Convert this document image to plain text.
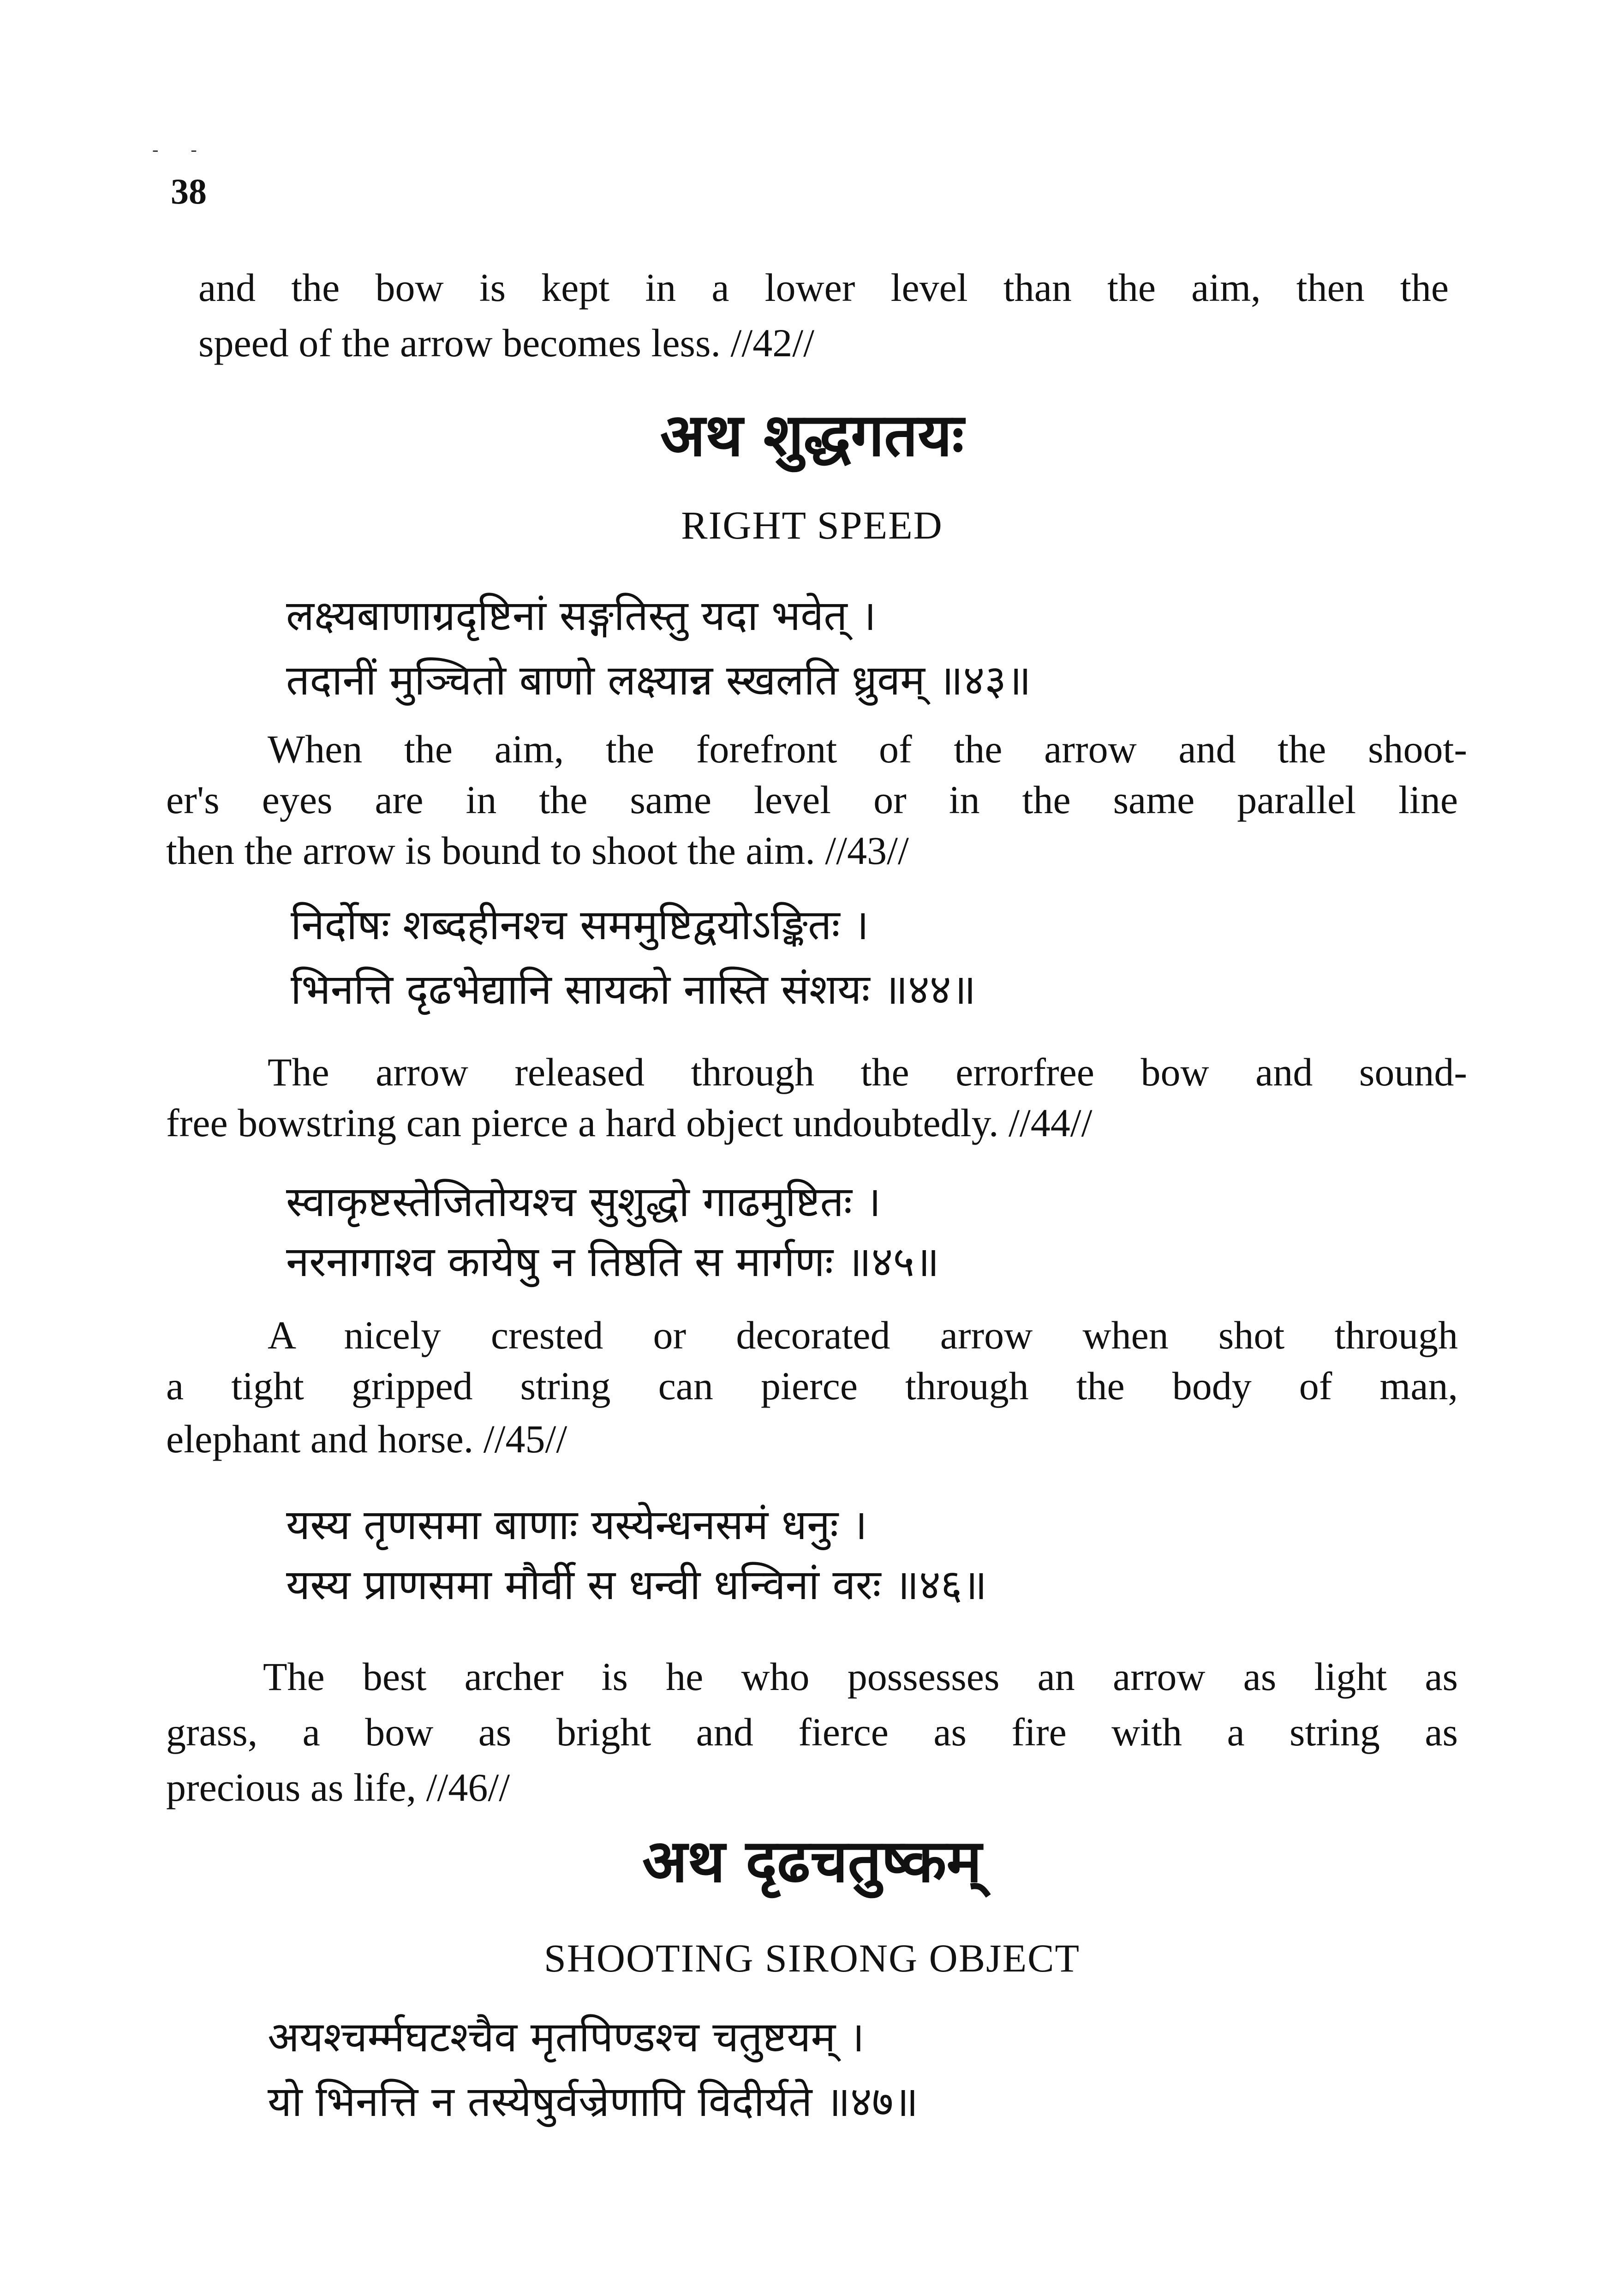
- -
38
and the bow is kept in a lower level than the aim, then the
speed of the arrow becomes less. //42//
अथ शुद्धगतयः
RIGHT SPEED
लक्ष्यबाणाग्रदृष्टिनां सङ्गतिस्तु यदा भवेत् ।
तदानीं मुञ्चितो बाणो लक्ष्यान्न स्खलति ध्रुवम् ॥४३॥
When the aim, the forefront of the arrow and the shoot-
er's eyes are in the same level or in the same parallel line
then the arrow is bound to shoot the aim. //43//
निर्दोषः शब्दहीनश्च सममुष्टिद्वयोऽङ्कितः ।
भिनत्ति दृढभेद्यानि सायको नास्ति संशयः ॥४४॥
The arrow released through the errorfree bow and sound-
free bowstring can pierce a hard object undoubtedly. //44//
स्वाकृष्टस्तेजितोयश्च सुशुद्धो गाढमुष्टितः ।
नरनागाश्व कायेषु न तिष्ठति स मार्गणः ॥४५॥
A nicely crested or decorated arrow when shot through
a tight gripped string can pierce through the body of man,
elephant and horse. //45//
यस्य तृणसमा बाणाः यस्येन्धनसमं धनुः ।
यस्य प्राणसमा मौर्वी स धन्वी धन्विनां वरः ॥४६॥
The best archer is he who possesses an arrow as light as
grass, a bow as bright and fierce as fire with a string as
precious as life, //46//
अथ दृढचतुष्कम्
SHOOTING SIRONG OBJECT
अयश्चर्म्मघटश्चैव मृतपिण्डश्च चतुष्टयम् ।
यो भिनत्ति न तस्येषुर्वज्रेणापि विदीर्यते ॥४७॥
